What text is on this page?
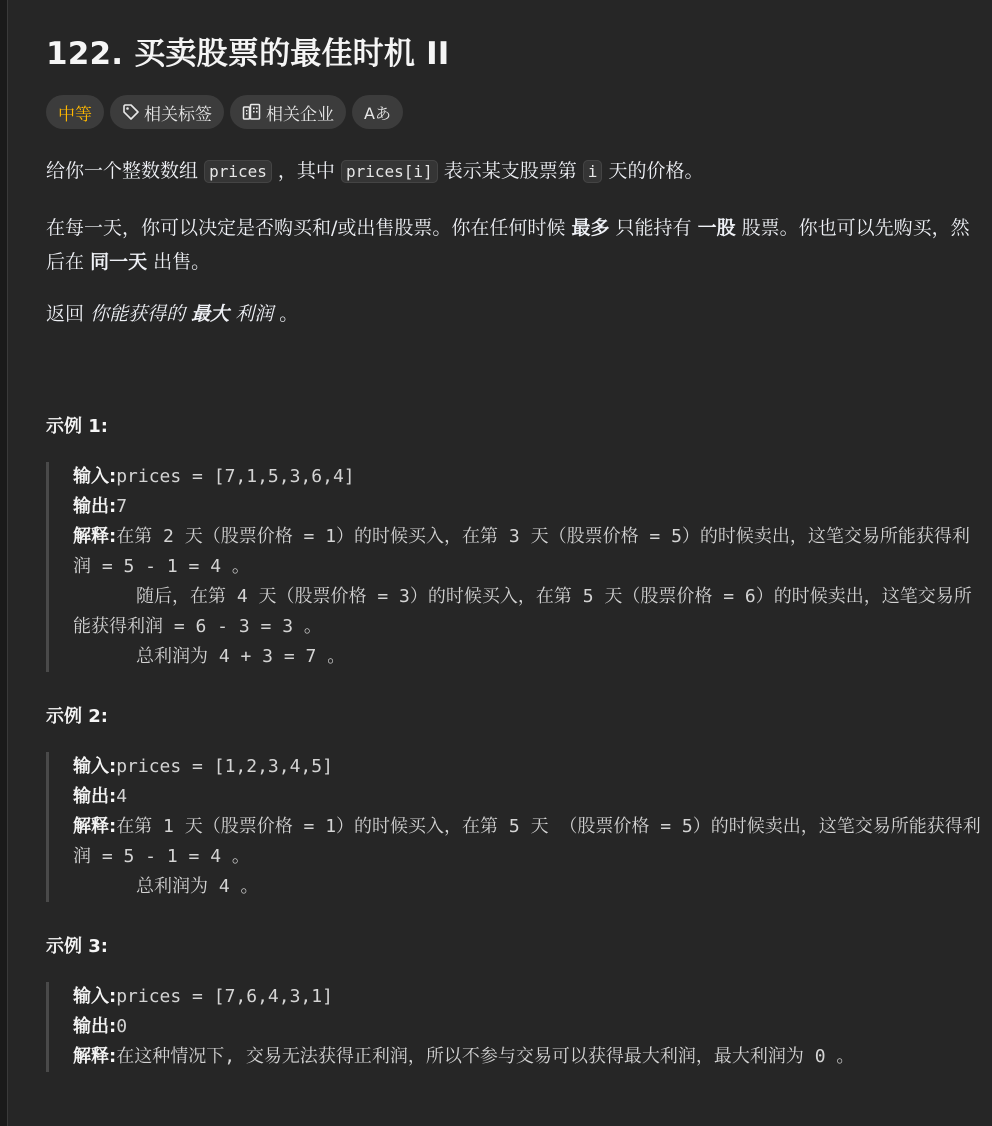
122. 买卖股票的最佳时机 II
中等	相关标签	相关企业 Aあ
给你一个整数数组 prices ，其中 prices[i] 表示某支股票第 i 天的价格。
在每一天，你可以决定是否购买和/或出售股票。你在任何时候 最多 只能持有 一股 股票。你也可以先购买，然后在 同一天 出售。
返回 你能获得的 最大 利润 。
示例 1:
输入:prices = [7,1,5,3,6,4]
输出:7
解释:在第 2 天（股票价格 = 1）的时候买入，在第 3 天（股票价格 = 5）的时候卖出，这笔交易所能获得利润 = 5 - 1 = 4 。
随后，在第 4 天（股票价格 = 3）的时候买入，在第 5 天（股票价格 = 6）的时候卖出，这笔交易所能获得利润 = 6 - 3 = 3 。
总利润为 4 + 3 = 7 。
示例 2:
输入:prices = [1,2,3,4,5]
输出:4
解释:在第 1 天（股票价格 = 1）的时候买入，在第 5 天 （股票价格 = 5）的时候卖出，这笔交易所能获得利润 = 5 - 1 = 4 。
总利润为 4 。
示例 3:
输入:prices = [7,6,4,3,1]
输出:0
解释:在这种情况下, 交易无法获得正利润，所以不参与交易可以获得最大利润，最大利润为 0 。
